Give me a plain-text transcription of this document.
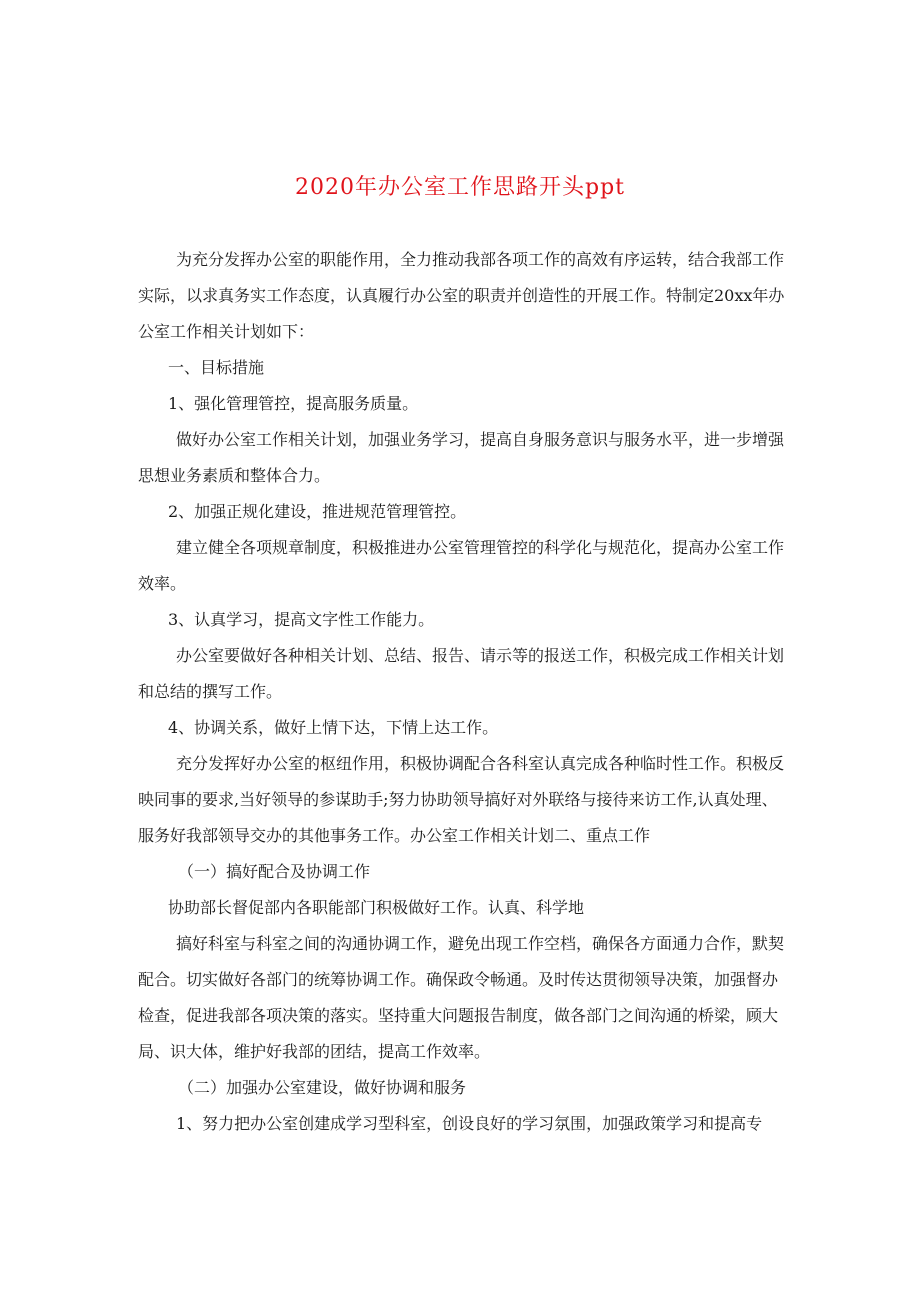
2020年办公室工作思路开头ppt

为充分发挥办公室的职能作用，全力推动我部各项工作的高效有序运转，结合我部工作实际，以求真务实工作态度，认真履行办公室的职责并创造性的开展工作。特制定20xx年办公室工作相关计划如下：

一、目标措施

1、强化管理管控，提高服务质量。

做好办公室工作相关计划，加强业务学习，提高自身服务意识与服务水平，进一步增强思想业务素质和整体合力。

2、加强正规化建设，推进规范管理管控。

建立健全各项规章制度，积极推进办公室管理管控的科学化与规范化，提高办公室工作效率。

3、认真学习，提高文字性工作能力。

办公室要做好各种相关计划、总结、报告、请示等的报送工作，积极完成工作相关计划和总结的撰写工作。

4、协调关系，做好上情下达，下情上达工作。

充分发挥好办公室的枢纽作用，积极协调配合各科室认真完成各种临时性工作。积极反映同事的要求,当好领导的参谋助手;努力协助领导搞好对外联络与接待来访工作,认真处理、服务好我部领导交办的其他事务工作。办公室工作相关计划二、重点工作

（一）搞好配合及协调工作

协助部长督促部内各职能部门积极做好工作。认真、科学地

搞好科室与科室之间的沟通协调工作，避免出现工作空档，确保各方面通力合作，默契配合。切实做好各部门的统筹协调工作。确保政令畅通。及时传达贯彻领导决策，加强督办检查，促进我部各项决策的落实。坚持重大问题报告制度，做各部门之间沟通的桥梁，顾大局、识大体，维护好我部的团结，提高工作效率。

（二）加强办公室建设，做好协调和服务

1、努力把办公室创建成学习型科室，创设良好的学习氛围，加强政策学习和提高专
